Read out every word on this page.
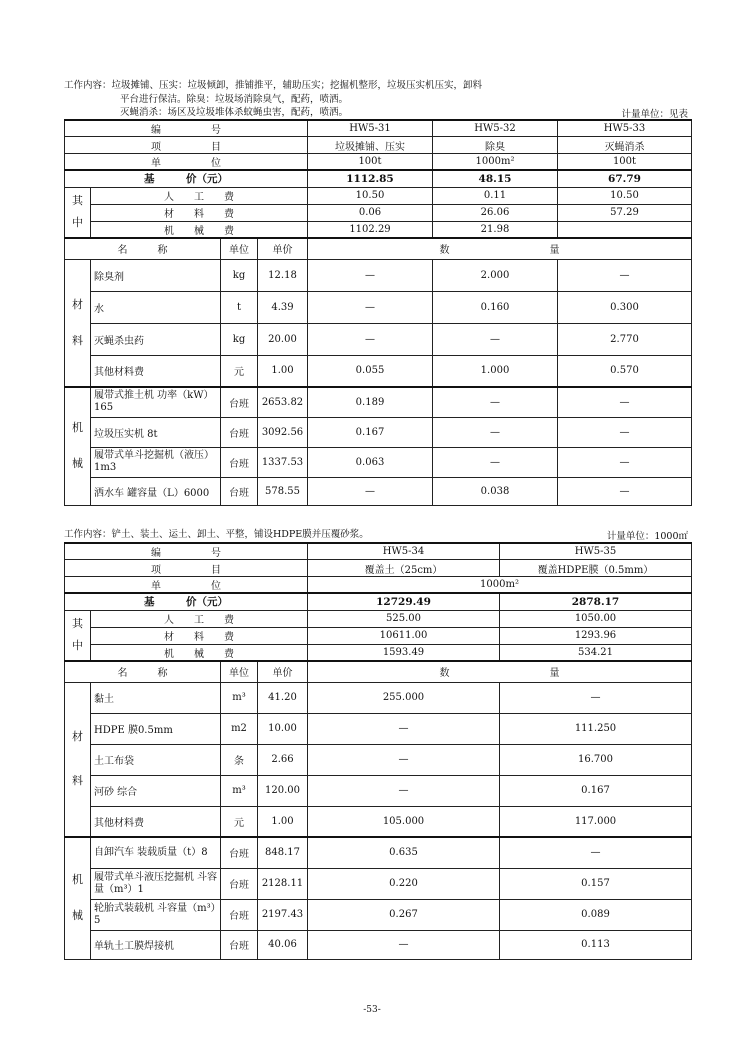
工作内容：垃圾摊铺、压实：垃圾倾卸，推铺推平，辅助压实；挖掘机整形，垃圾压实机压实，卸料
平台进行保洁。除臭：垃圾场消除臭气，配药，喷洒。
灭蝇消杀：场区及垃圾堆体杀蚊蝇虫害，配药，喷洒。	计量单位：见表
编　　　　　号				HW5-31	HW5-32	HW5-33
项　　　　　目				垃圾摊铺、压实	除臭	灭蝇消杀
单　　　　　位				100t	1000m²	100t
基　　　价（元）				1112.85	48.15	67.79

其
中	人　　工　　费			10.50	0.11	10.50
	材　　料　　费			0.06	26.06	57.29
	机　　械　　费			1102.29	21.98	
名　　　称		单位	单价	数　　　　　　　　　　量		

材
料	除臭剂	kg	12.18	—	2.000	—
	水	t	4.39	—	0.160	0.300
	灭蝇杀虫药	kg	20.00	—	—	2.770
	其他材料费	元	1.00	0.055	1.000	0.570

机
械	履带式推土机 功率（kW）165	台班	2653.82	0.189	—	—
	垃圾压实机 8t	台班	3092.56	0.167	—	—
	履带式单斗挖掘机（液压）1m3	台班	1337.53	0.063	—	—
	洒水车 罐容量（L）6000	台班	578.55	—	0.038	—
工作内容：铲土、装土、运土、卸土、平整，铺设HDPE膜并压覆砂浆。	计量单位：1000㎡
编　　　　　号				HW5-34	HW5-35
项　　　　　目				覆盖土（25cm）	覆盖HDPE膜（0.5mm）
单　　　　　位				1000m²	
基　　　价（元）				12729.49	2878.17

其
中	人　　工　　费			525.00	1050.00
	材　　料　　费			10611.00	1293.96
	机　　械　　费			1593.49	534.21
名　　　称		单位	单价	数　　　　　　　　　　量	

材
料	黏土	m³	41.20	255.000	—
	HDPE 膜0.5mm	m2	10.00	—	111.250
	土工布袋	条	2.66	—	16.700
	河砂 综合	m³	120.00	—	0.167
	其他材料费	元	1.00	105.000	117.000

机
械	自卸汽车 装载质量（t）8	台班	848.17	0.635	—
	履带式单斗液压挖掘机 斗容量（m³）1	台班	2128.11	0.220	0.157
	轮胎式装载机 斗容量（m³）5	台班	2197.43	0.267	0.089
	单轨土工膜焊接机	台班	40.06	—	0.113
-53-
